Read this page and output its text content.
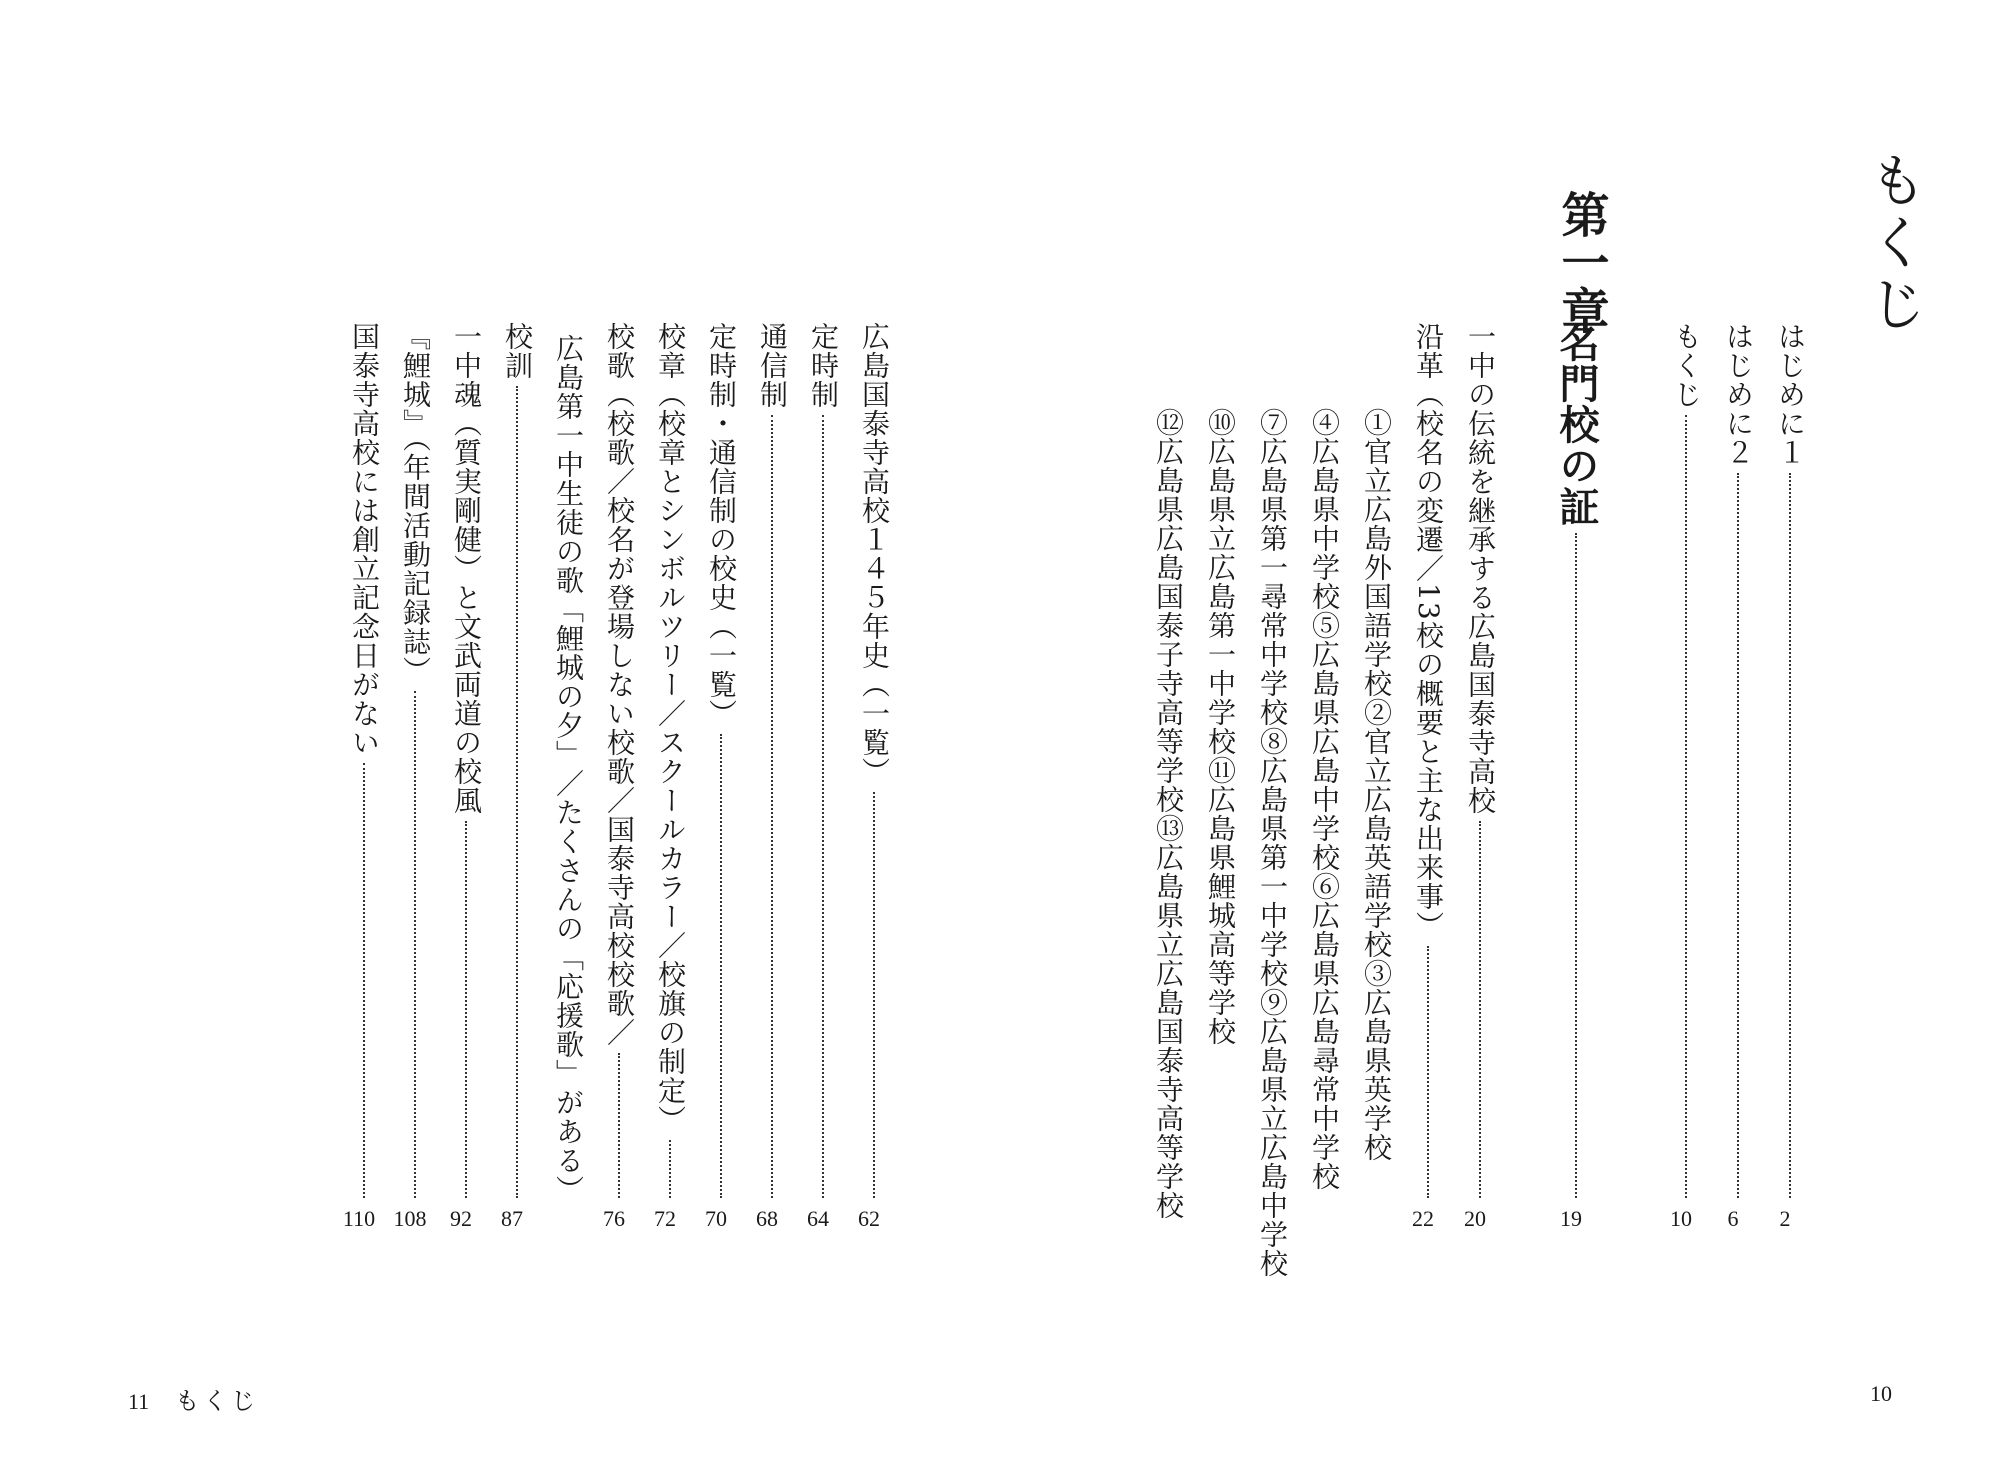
もくじ
はじめに１
2
はじめに２
6
もくじ
10
第一章
名門校の証
19
一中の伝統を継承する広島国泰寺高校
20
沿革（校名の変遷／13校の概要と主な出来事）
22
①官立広島外国語学校②官立広島英語学校③広島県英学校
④広島県中学校⑤広島県広島中学校⑥広島県広島尋常中学校
⑦広島県第一尋常中学校⑧広島県第一中学校⑨広島県立広島中学校
⑩広島県立広島第一中学校⑪広島県鯉城高等学校
⑫広島県広島国泰子寺高等学校⑬広島県立広島国泰寺高等学校
広島国泰寺高校１４５年史（一覧）
62
定時制
64
通信制
68
定時制・通信制の校史（一覧）
70
校章（校章とシンボルツリー／スクールカラー／校旗の制定）
72
校歌（校歌／校名が登場しない校歌／国泰寺高校校歌／
76
広島第一中生徒の歌「鯉城の夕」／たくさんの「応援歌」がある）
校訓
87
一中魂（質実剛健）と文武両道の校風
92
『鯉城』（年間活動記録誌）
108
国泰寺高校には創立記念日がない
110
10
11 もくじ
